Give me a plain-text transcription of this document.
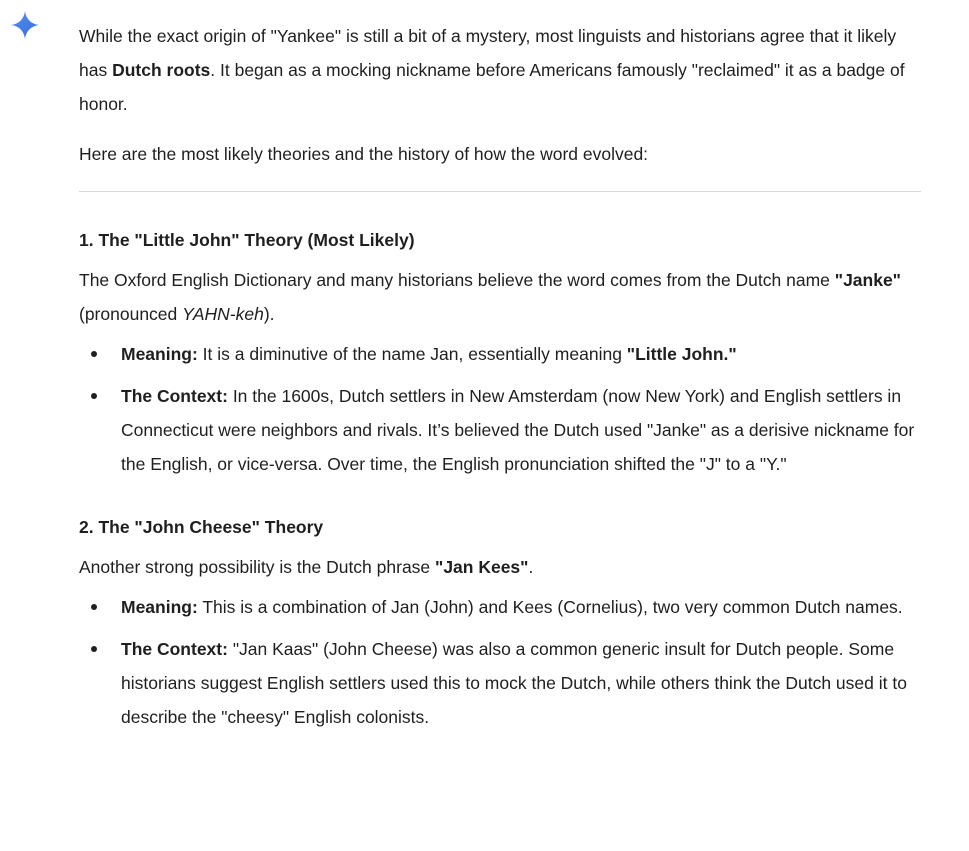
While the exact origin of "Yankee" is still a bit of a mystery, most linguists and historians agree that it likely has Dutch roots. It began as a mocking nickname before Americans famously "reclaimed" it as a badge of honor.

Here are the most likely theories and the history of how the word evolved:

1. The "Little John" Theory (Most Likely)

The Oxford English Dictionary and many historians believe the word comes from the Dutch name "Janke" (pronounced YAHN-keh).

Meaning: It is a diminutive of the name Jan, essentially meaning "Little John."
The Context: In the 1600s, Dutch settlers in New Amsterdam (now New York) and English settlers in Connecticut were neighbors and rivals. It’s believed the Dutch used "Janke" as a derisive nickname for the English, or vice-versa. Over time, the English pronunciation shifted the "J" to a "Y."
2. The "John Cheese" Theory

Another strong possibility is the Dutch phrase "Jan Kees".

Meaning: This is a combination of Jan (John) and Kees (Cornelius), two very common Dutch names.
The Context: "Jan Kaas" (John Cheese) was also a common generic insult for Dutch people. Some historians suggest English settlers used this to mock the Dutch, while others think the Dutch used it to describe the "cheesy" English colonists.
